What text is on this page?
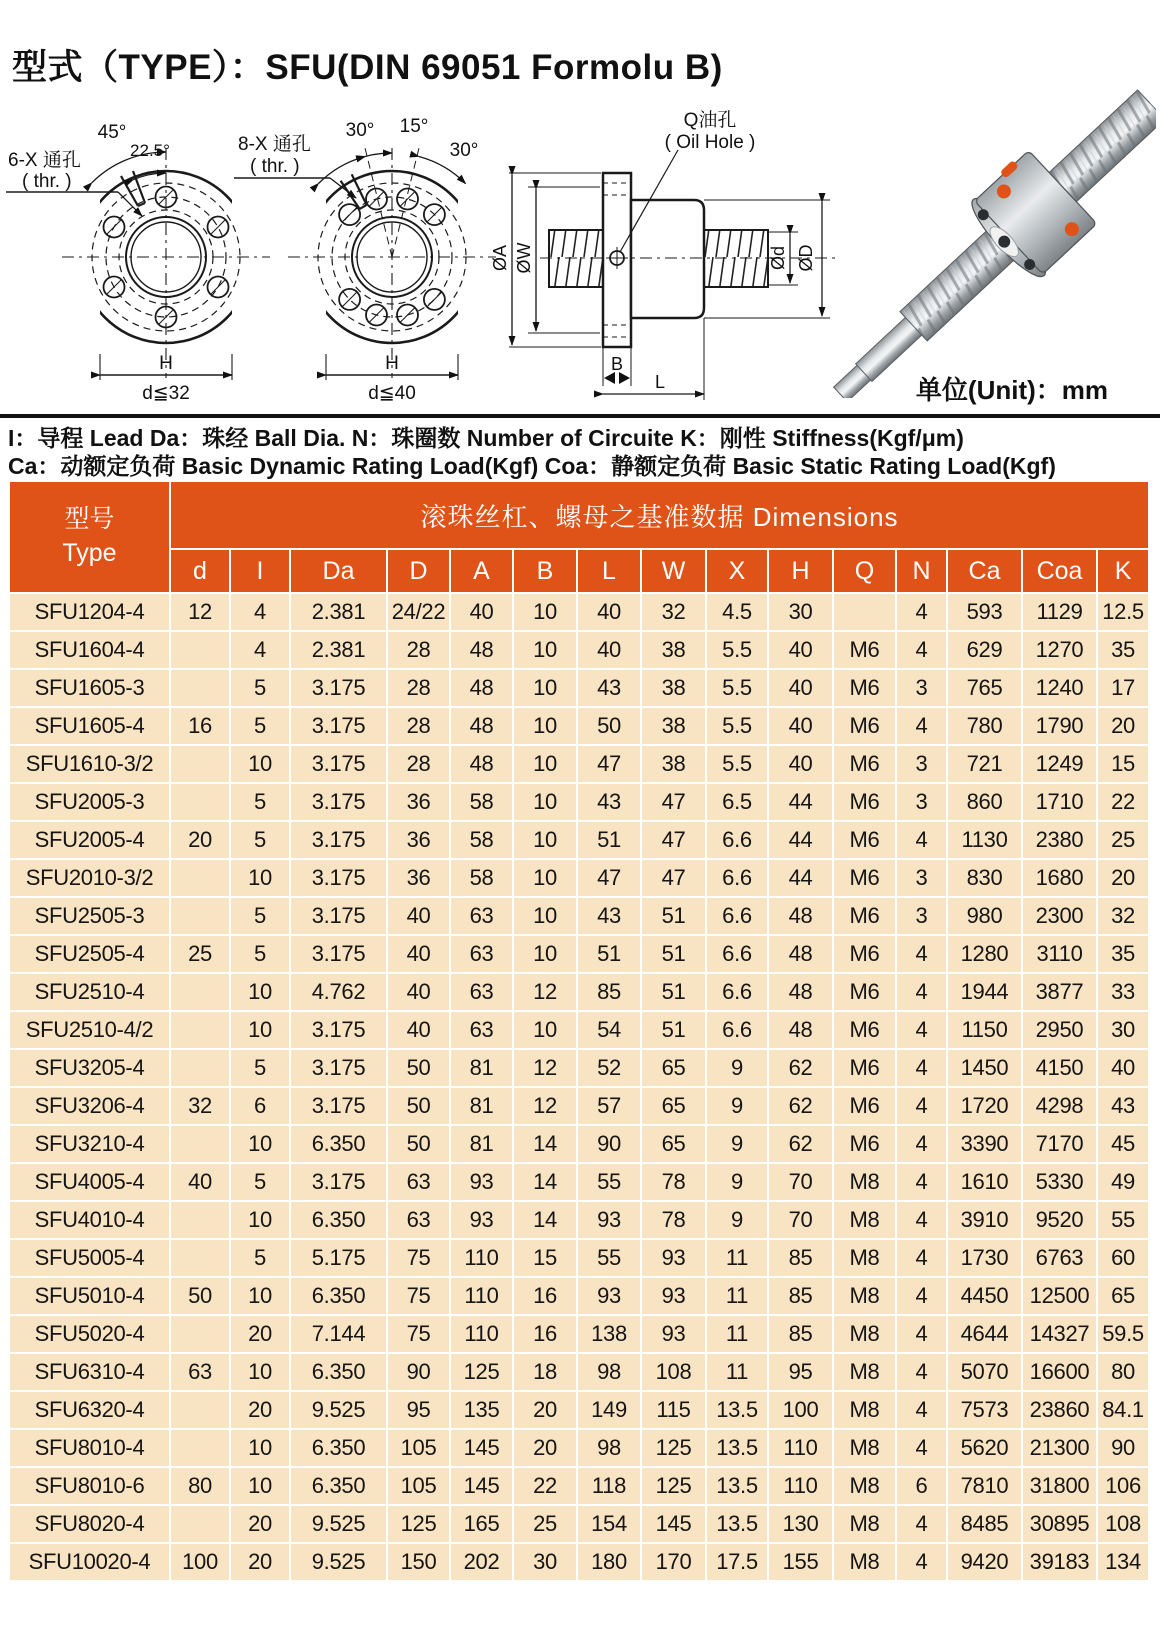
型式（TYPE）：SFU(DIN 69051 Formolu B)
45°
22.5°
6-X 通孔
( thr. )
H
d≦32
30° 15°
30°
8-X 通孔
( thr. )
H
d≦40
ØA ØW
Q油孔
( Oil Hole )
Ød ØD
B
L	单位(Unit)：mm
I：导程 Lead Da：珠经 Ball Dia. N：珠圈数 Number of Circuite K：刚性 Stiffness(Kgf/μm)
Ca：动额定负荷 Basic Dynamic Rating Load(Kgf) Coa：静额定负荷 Basic Static Rating Load(Kgf)
型号
Type	滚珠丝杠、螺母之基准数据 Dimensions														
	d	I	Da	D	A	B	L	W	X	H	Q	N	Ca	Coa	K
SFU1204-4	12	4	2.381	24/22	40	10	40	32	4.5	30		4	593	1129	12.5
SFU1604-4		4	2.381	28	48	10	40	38	5.5	40	M6	4	629	1270	35
SFU1605-3		5	3.175	28	48	10	43	38	5.5	40	M6	3	765	1240	17
SFU1605-4	16	5	3.175	28	48	10	50	38	5.5	40	M6	4	780	1790	20
SFU1610-3/2		10	3.175	28	48	10	47	38	5.5	40	M6	3	721	1249	15
SFU2005-3		5	3.175	36	58	10	43	47	6.5	44	M6	3	860	1710	22
SFU2005-4	20	5	3.175	36	58	10	51	47	6.6	44	M6	4	1130	2380	25
SFU2010-3/2		10	3.175	36	58	10	47	47	6.6	44	M6	3	830	1680	20
SFU2505-3		5	3.175	40	63	10	43	51	6.6	48	M6	3	980	2300	32
SFU2505-4	25	5	3.175	40	63	10	51	51	6.6	48	M6	4	1280	3110	35
SFU2510-4		10	4.762	40	63	12	85	51	6.6	48	M6	4	1944	3877	33
SFU2510-4/2		10	3.175	40	63	10	54	51	6.6	48	M6	4	1150	2950	30
SFU3205-4		5	3.175	50	81	12	52	65	9	62	M6	4	1450	4150	40
SFU3206-4	32	6	3.175	50	81	12	57	65	9	62	M6	4	1720	4298	43
SFU3210-4		10	6.350	50	81	14	90	65	9	62	M6	4	3390	7170	45
SFU4005-4	40	5	3.175	63	93	14	55	78	9	70	M8	4	1610	5330	49
SFU4010-4		10	6.350	63	93	14	93	78	9	70	M8	4	3910	9520	55
SFU5005-4		5	5.175	75	110	15	55	93	11	85	M8	4	1730	6763	60
SFU5010-4	50	10	6.350	75	110	16	93	93	11	85	M8	4	4450	12500	65
SFU5020-4		20	7.144	75	110	16	138	93	11	85	M8	4	4644	14327	59.5
SFU6310-4	63	10	6.350	90	125	18	98	108	11	95	M8	4	5070	16600	80
SFU6320-4		20	9.525	95	135	20	149	115	13.5	100	M8	4	7573	23860	84.1
SFU8010-4		10	6.350	105	145	20	98	125	13.5	110	M8	4	5620	21300	90
SFU8010-6	80	10	6.350	105	145	22	118	125	13.5	110	M8	6	7810	31800	106
SFU8020-4		20	9.525	125	165	25	154	145	13.5	130	M8	4	8485	30895	108
SFU10020-4	100	20	9.525	150	202	30	180	170	17.5	155	M8	4	9420	39183	134
